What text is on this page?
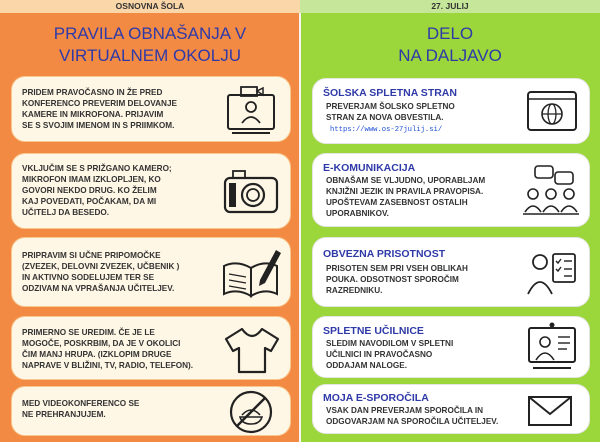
OSNOVNA ŠOLA	27. JULIJ
PRAVILA OBNAŠANJA V
VIRTUALNEM OKOLJU
DELO
NA DALJAVO
PRIDEM PRAVOČASNO IN ŽE PRED
KONFERENCO PREVERIM DELOVANJE
KAMERE IN MIKROFONA. PRIJAVIM
SE S SVOJIM IMENOM IN S PRIIMKOM.
VKLJUČIM SE S PRIŽGANO KAMERO;
MIKROFON IMAM IZKLOPLJEN, KO
GOVORI NEKDO DRUG. KO ŽELIM
KAJ POVEDATI, POČAKAM, DA MI
UČITELJ DA BESEDO.
PRIPRAVIM SI UČNE PRIPOMOČKE
(ZVEZEK, DELOVNI ZVEZEK, UČBENIK )
IN AKTIVNO SODELUJEM TER SE
ODZIVAM NA VPRAŠANJA UČITELJEV.
PRIMERNO SE UREDIM. ČE JE LE
MOGOČE, POSKRBIM, DA JE V OKOLICI
ČIM MANJ HRUPA. (IZKLOPIM DRUGE
NAPRAVE V BLIŽINI, TV, RADIO, TELEFON).
MED VIDEOKONFERENCO SE
NE PREHRANJUJEM.
ŠOLSKA SPLETNA STRAN
PREVERJAM ŠOLSKO SPLETNO
STRAN ZA NOVA OBVESTILA.
https://www.os-27julij.si/
E-KOMUNIKACIJA
OBNAŠAM SE VLJUDNO, UPORABLJAM
KNJIŽNI JEZIK IN PRAVILA PRAVOPISA.
UPOŠTEVAM ZASEBNOST OSTALIH
UPORABNIKOV.
OBVEZNA PRISOTNOST
PRISOTEN SEM PRI VSEH OBLIKAH
POUKA. ODSOTNOST SPOROČIM
RAZREDNIKU.
SPLETNE UČILNICE
SLEDIM NAVODILOM V SPLETNI
UČILNICI IN PRAVOČASNO
ODDAJAM NALOGE.
MOJA E-SPOROČILA
VSAK DAN PREVERJAM SPOROČILA IN
ODGOVARJAM NA SPOROČILA UČITELJEV.
